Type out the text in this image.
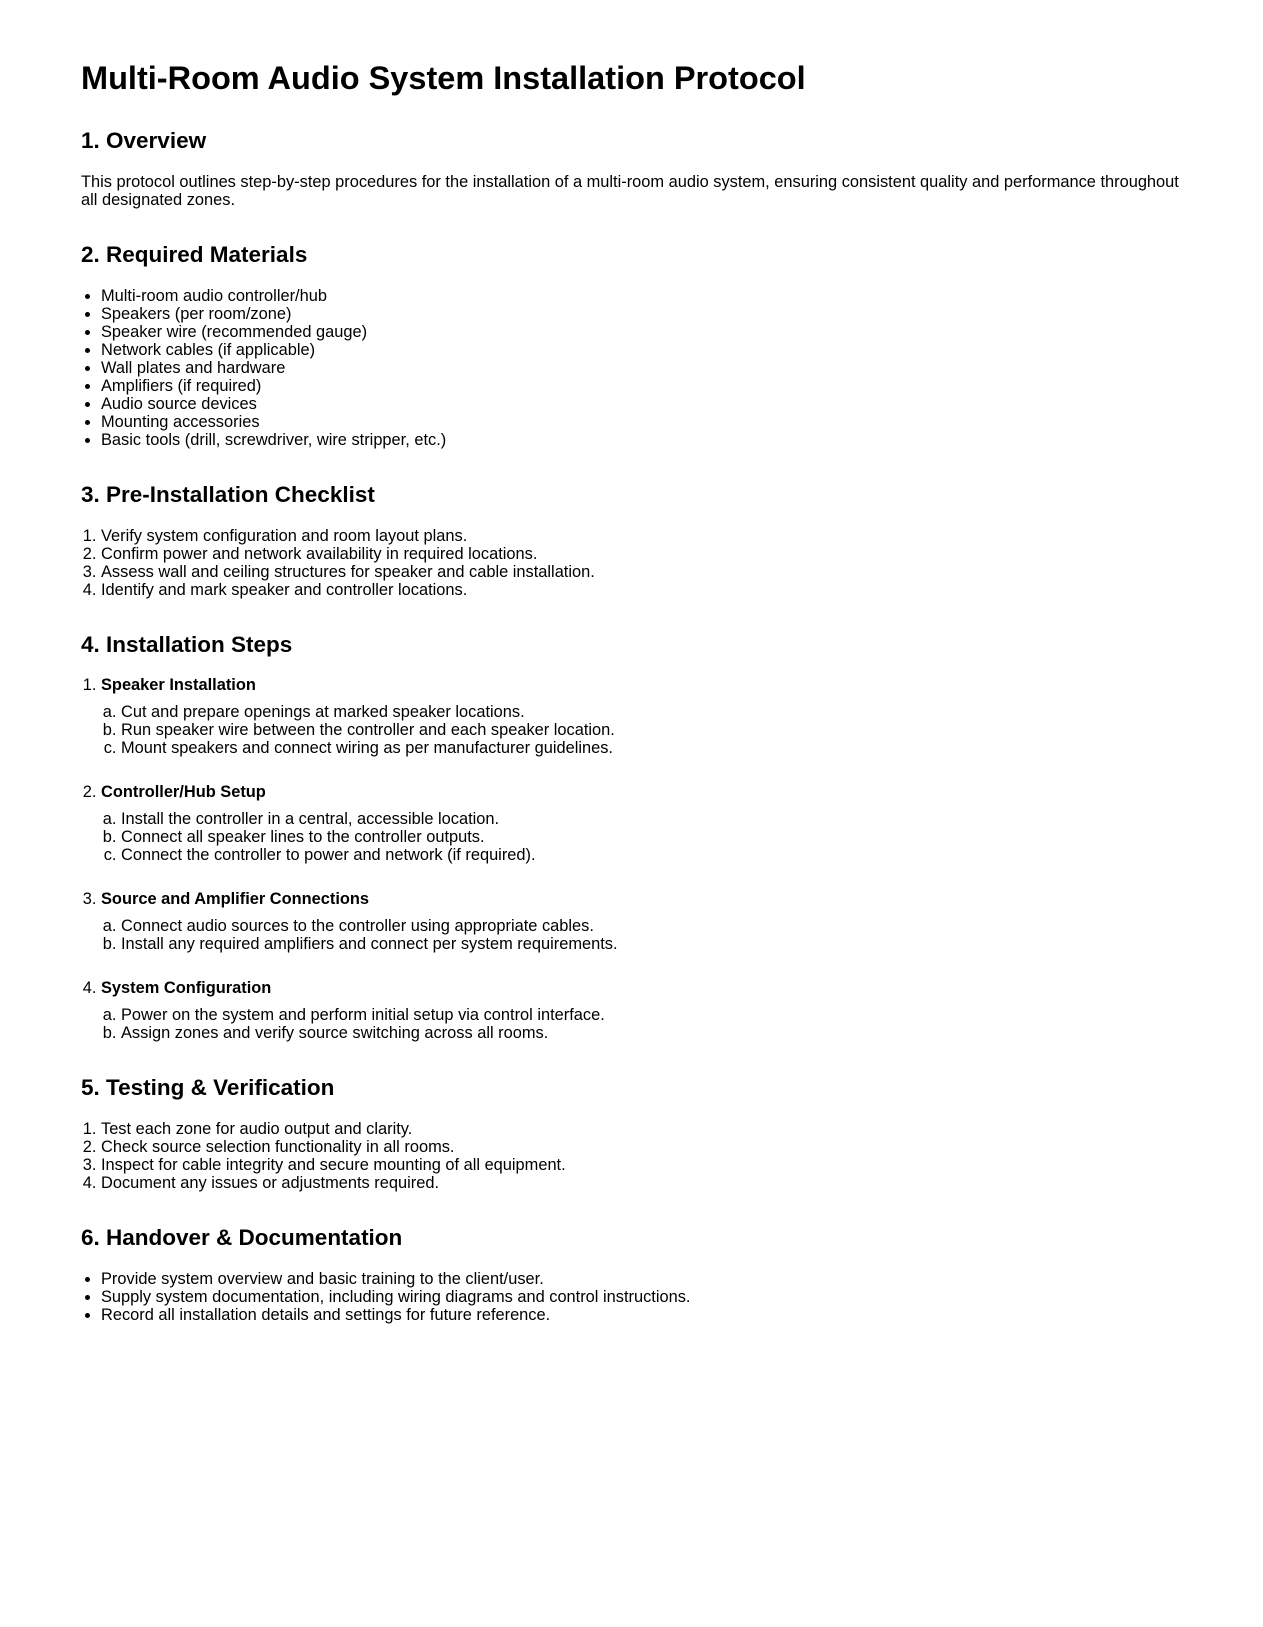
Multi-Room Audio System Installation Protocol
1. Overview

This protocol outlines step-by-step procedures for the installation of a multi-room audio system, ensuring consistent quality and performance throughout all designated zones.

2. Required Materials
• Multi-room audio controller/hub
• Speakers (per room/zone)
• Speaker wire (recommended gauge)
• Network cables (if applicable)
• Wall plates and hardware
• Amplifiers (if required)
• Audio source devices
• Mounting accessories
• Basic tools (drill, screwdriver, wire stripper, etc.)
3. Pre-Installation Checklist
1. Verify system configuration and room layout plans.
2. Confirm power and network availability in required locations.
3. Assess wall and ceiling structures for speaker and cable installation.
4. Identify and mark speaker and controller locations.
4. Installation Steps
1. Speaker Installation
a. Cut and prepare openings at marked speaker locations.
b. Run speaker wire between the controller and each speaker location.
c. Mount speakers and connect wiring as per manufacturer guidelines.
2. Controller/Hub Setup
a. Install the controller in a central, accessible location.
b. Connect all speaker lines to the controller outputs.
c. Connect the controller to power and network (if required).
3. Source and Amplifier Connections
a. Connect audio sources to the controller using appropriate cables.
b. Install any required amplifiers and connect per system requirements.
4. System Configuration
a. Power on the system and perform initial setup via control interface.
b. Assign zones and verify source switching across all rooms.
5. Testing & Verification
1. Test each zone for audio output and clarity.
2. Check source selection functionality in all rooms.
3. Inspect for cable integrity and secure mounting of all equipment.
4. Document any issues or adjustments required.
6. Handover & Documentation
• Provide system overview and basic training to the client/user.
• Supply system documentation, including wiring diagrams and control instructions.
• Record all installation details and settings for future reference.
